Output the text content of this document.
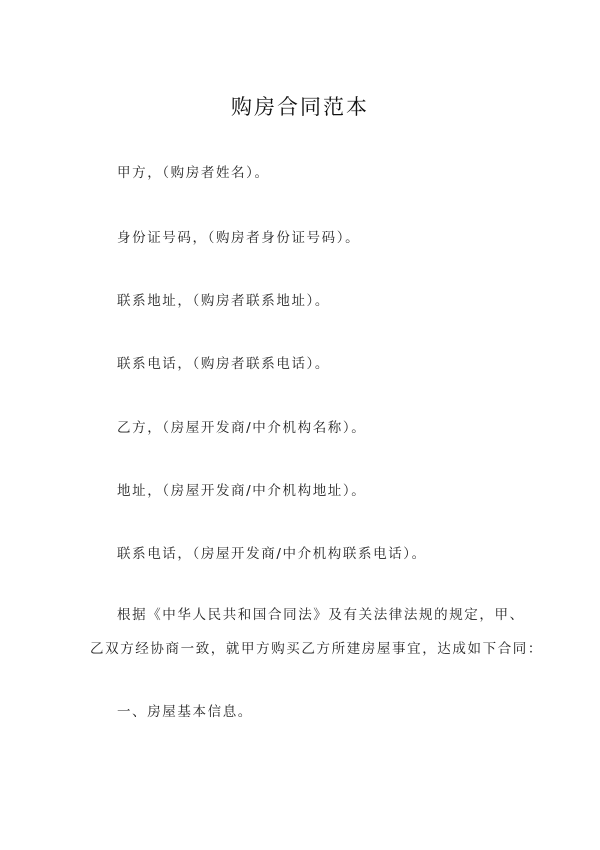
购房合同范本
甲方，（购房者姓名）。
身份证号码，（购房者身份证号码）。
联系地址，（购房者联系地址）。
联系电话，（购房者联系电话）。
乙方，（房屋开发商/中介机构名称）。
地址，（房屋开发商/中介机构地址）。
联系电话，（房屋开发商/中介机构联系电话）。
根据《中华人民共和国合同法》及有关法律法规的规定，甲、
乙双方经协商一致，就甲方购买乙方所建房屋事宜，达成如下合同：
一、房屋基本信息。
